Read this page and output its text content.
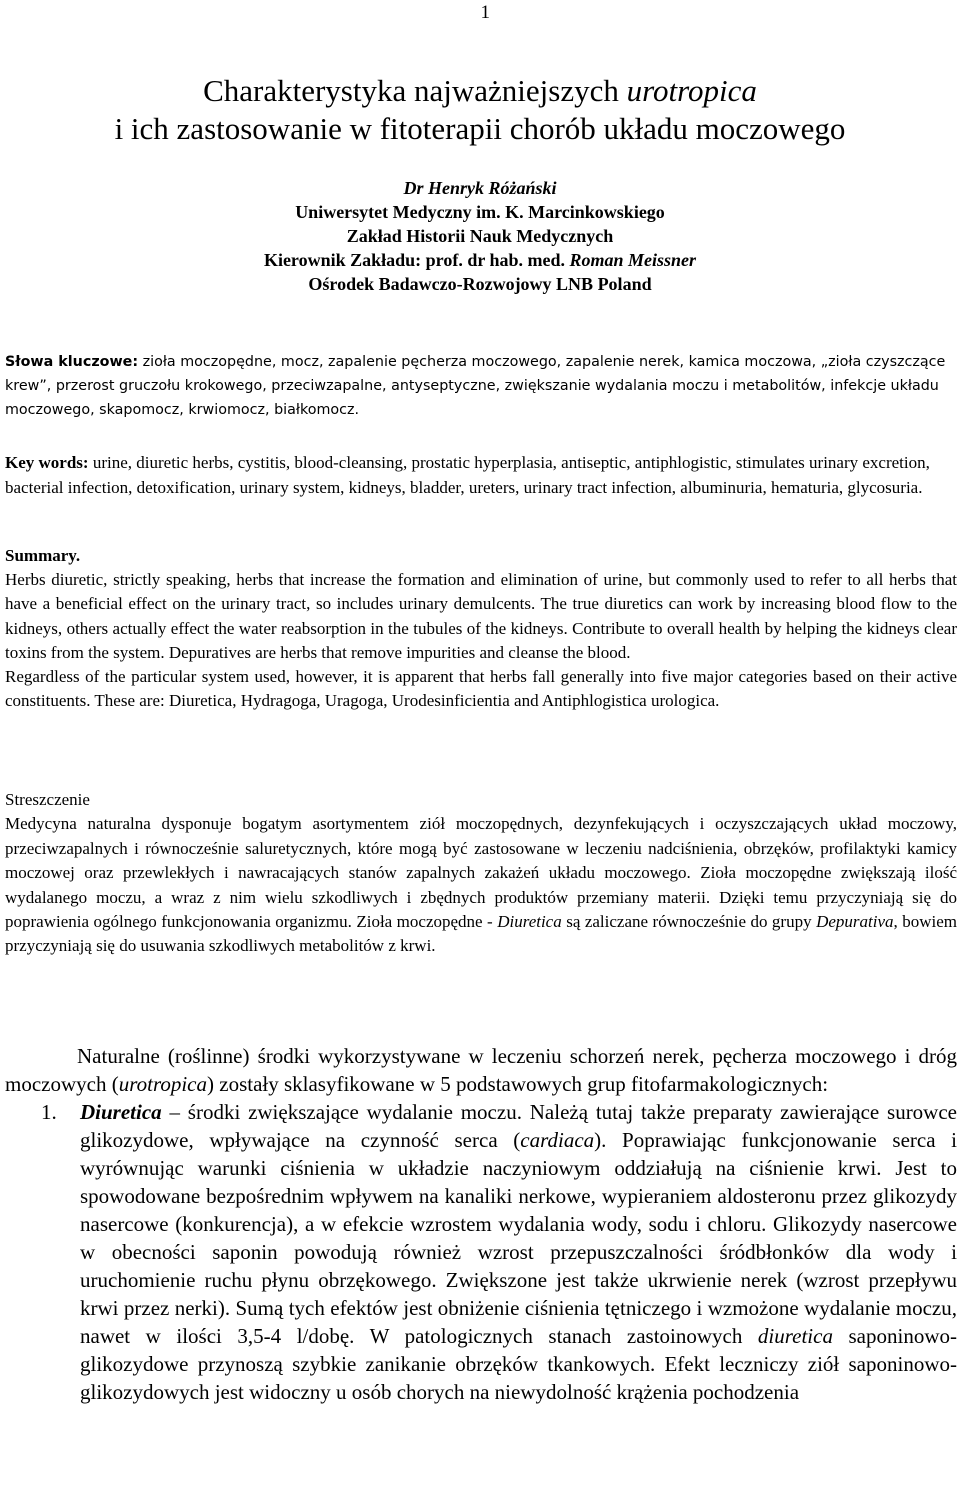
1
Charakterystyka najważniejszych urotropica
i ich zastosowanie w fitoterapii chorób układu moczowego
Dr Henryk Różański
Uniwersytet Medyczny im. K. Marcinkowskiego
Zakład Historii Nauk Medycznych
Kierownik Zakładu: prof. dr hab. med. Roman Meissner
Ośrodek Badawczo-Rozwojowy LNB Poland
Słowa kluczowe: zioła moczopędne, mocz, zapalenie pęcherza moczowego, zapalenie nerek, kamica moczowa, „zioła czyszczące krew”, przerost gruczołu krokowego, przeciwzapalne, antyseptyczne, zwiększanie wydalania moczu i metabolitów, infekcje układu moczowego, skapomocz, krwiomocz, białkomocz.
Key words: urine, diuretic herbs, cystitis, blood-cleansing, prostatic hyperplasia, antiseptic, antiphlogistic, stimulates urinary excretion, bacterial infection, detoxification, urinary system, kidneys, bladder, ureters, urinary tract infection, albuminuria, hematuria, glycosuria.

Summary.

Herbs diuretic, strictly speaking, herbs that increase the formation and elimination of urine, but commonly used to refer to all herbs that have a beneficial effect on the urinary tract, so includes urinary demulcents. The true diuretics can work by increasing blood flow to the kidneys, others actually effect the water reabsorption in the tubules of the kidneys. Contribute to overall health by helping the kidneys clear toxins from the system. Depuratives are herbs that remove impurities and cleanse the blood.

Regardless of the particular system used, however, it is apparent that herbs fall generally into five major categories based on their active constituents. These are: Diuretica, Hydragoga, Uragoga, Urodesinficientia and Antiphlogistica urologica.

Streszczenie

Medycyna naturalna dysponuje bogatym asortymentem ziół moczopędnych, dezynfekujących i oczyszczających układ moczowy, przeciwzapalnych i równocześnie saluretycznych, które mogą być zastosowane w leczeniu nadciśnienia, obrzęków, profilaktyki kamicy moczowej oraz przewlekłych i nawracających stanów zapalnych zakażeń układu moczowego. Zioła moczopędne zwiększają ilość wydalanego moczu, a wraz z nim wielu szkodliwych i zbędnych produktów przemiany materii. Dzięki temu przyczyniają się do poprawienia ogólnego funkcjonowania organizmu. Zioła moczopędne - Diuretica są zaliczane równocześnie do grupy Depurativa, bowiem przyczyniają się do usuwania szkodliwych metabolitów z krwi.

Naturalne (roślinne) środki wykorzystywane w leczeniu schorzeń nerek, pęcherza moczowego i dróg moczowych (urotropica) zostały sklasyfikowane w 5 podstawowych grup fitofarmakologicznych:

1. Diuretica – środki zwiększające wydalanie moczu. Należą tutaj także preparaty zawierające surowce glikozydowe, wpływające na czynność serca (cardiaca). Poprawiając funkcjonowanie serca i wyrównując warunki ciśnienia w układzie naczyniowym oddziałują na ciśnienie krwi. Jest to spowodowane bezpośrednim wpływem na kanaliki nerkowe, wypieraniem aldosteronu przez glikozydy nasercowe (konkurencja), a w efekcie wzrostem wydalania wody, sodu i chloru. Glikozydy nasercowe w obecności saponin powodują również wzrost przepuszczalności śródbłonków dla wody i uruchomienie ruchu płynu obrzękowego. Zwiększone jest także ukrwienie nerek (wzrost przepływu krwi przez nerki). Sumą tych efektów jest obniżenie ciśnienia tętniczego i wzmożone wydalanie moczu, nawet w ilości 3,5-4 l/dobę. W patologicznych stanach zastoinowych diuretica saponinowo-glikozydowe przynoszą szybkie zanikanie obrzęków tkankowych. Efekt leczniczy ziół saponinowo-glikozydowych jest widoczny u osób chorych na niewydolność krążenia pochodzenia
